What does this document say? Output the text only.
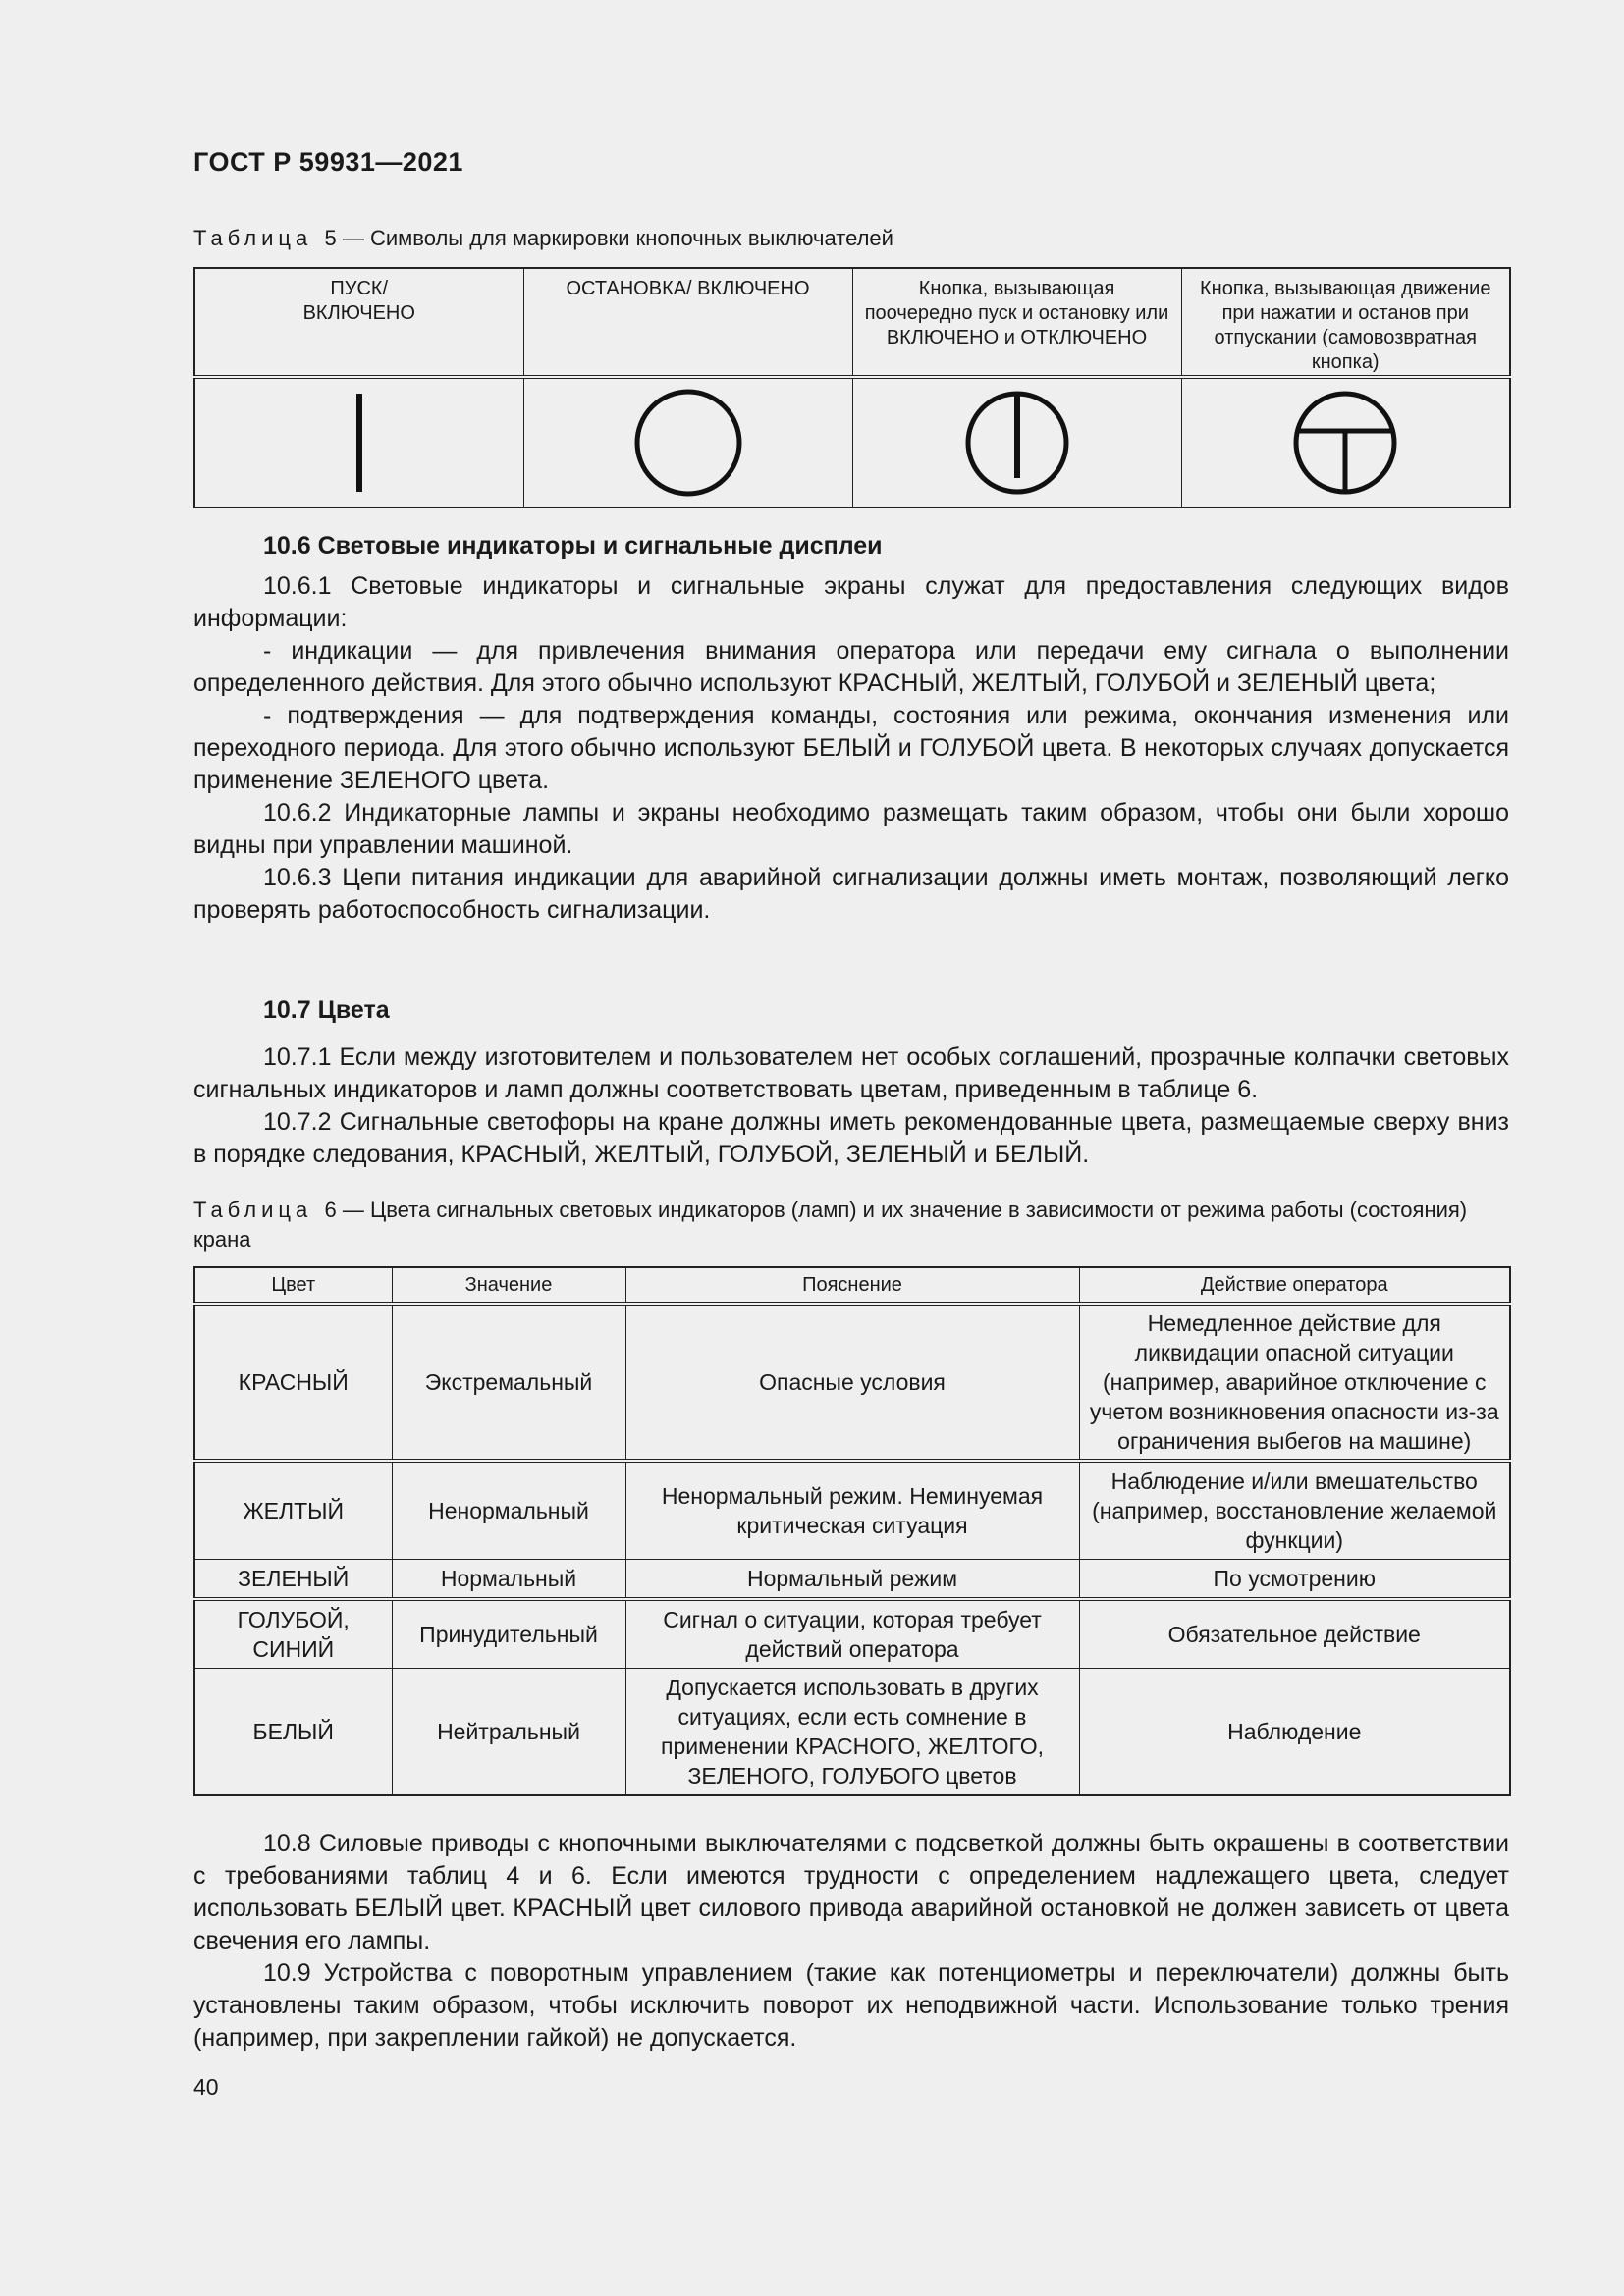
ГОСТ Р 59931—2021
Таблица 5 — Символы для маркировки кнопочных выключателей
ПУСК/ ВКЛЮЧЕНО	ОСТАНОВКА/ ВКЛЮЧЕНО	Кнопка, вызывающая поочередно пуск и остановку или ВКЛЮЧЕНО и ОТКЛЮЧЕНО	Кнопка, вызывающая движение при нажатии и останов при отпускании (самовозвратная кнопка)

10.6 Световые индикаторы и сигнальные дисплеи

10.6.1 Световые индикаторы и сигнальные экраны служат для предоставления следующих видов информации:

- индикации — для привлечения внимания оператора или передачи ему сигнала о выполнении определенного действия. Для этого обычно используют КРАСНЫЙ, ЖЕЛТЫЙ, ГОЛУБОЙ и ЗЕЛЕНЫЙ цвета;

- подтверждения — для подтверждения команды, состояния или режима, окончания изменения или переходного периода. Для этого обычно используют БЕЛЫЙ и ГОЛУБОЙ цвета. В некоторых случаях допускается применение ЗЕЛЕНОГО цвета.

10.6.2 Индикаторные лампы и экраны необходимо размещать таким образом, чтобы они были хорошо видны при управлении машиной.

10.6.3 Цепи питания индикации для аварийной сигнализации должны иметь монтаж, позволяющий легко проверять работоспособность сигнализации.

10.7 Цвета

10.7.1 Если между изготовителем и пользователем нет особых соглашений, прозрачные колпачки световых сигнальных индикаторов и ламп должны соответствовать цветам, приведенным в таблице 6.

10.7.2 Сигнальные светофоры на кране должны иметь рекомендованные цвета, размещаемые сверху вниз в порядке следования, КРАСНЫЙ, ЖЕЛТЫЙ, ГОЛУБОЙ, ЗЕЛЕНЫЙ и БЕЛЫЙ.

Таблица 6 — Цвета сигнальных световых индикаторов (ламп) и их значение в зависимости от режима работы (состояния) крана
Цвет	Значение	Пояснение	Действие оператора
КРАСНЫЙ	Экстремальный	Опасные условия	Немедленное действие для ликвидации опасной ситуации (например, аварийное отключение с учетом возникновения опасности из-за ограничения выбегов на машине)
ЖЕЛТЫЙ	Ненормальный	Ненормальный режим. Неминуемая критическая ситуация	Наблюдение и/или вмешательство (например, восстановление желаемой функции)
ЗЕЛЕНЫЙ	Нормальный	Нормальный режим	По усмотрению
ГОЛУБОЙ, СИНИЙ	Принудительный	Сигнал о ситуации, которая требует действий оператора	Обязательное действие
БЕЛЫЙ	Нейтральный	Допускается использовать в других ситуациях, если есть сомнение в применении КРАСНОГО, ЖЕЛТОГО, ЗЕЛЕНОГО, ГОЛУБОГО цветов	Наблюдение

10.8 Силовые приводы с кнопочными выключателями с подсветкой должны быть окрашены в соответствии с требованиями таблиц 4 и 6. Если имеются трудности с определением надлежащего цвета, следует использовать БЕЛЫЙ цвет. КРАСНЫЙ цвет силового привода аварийной остановкой не должен зависеть от цвета свечения его лампы.

10.9 Устройства с поворотным управлением (такие как потенциометры и переключатели) должны быть установлены таким образом, чтобы исключить поворот их неподвижной части. Использование только трения (например, при закреплении гайкой) не допускается.

40
